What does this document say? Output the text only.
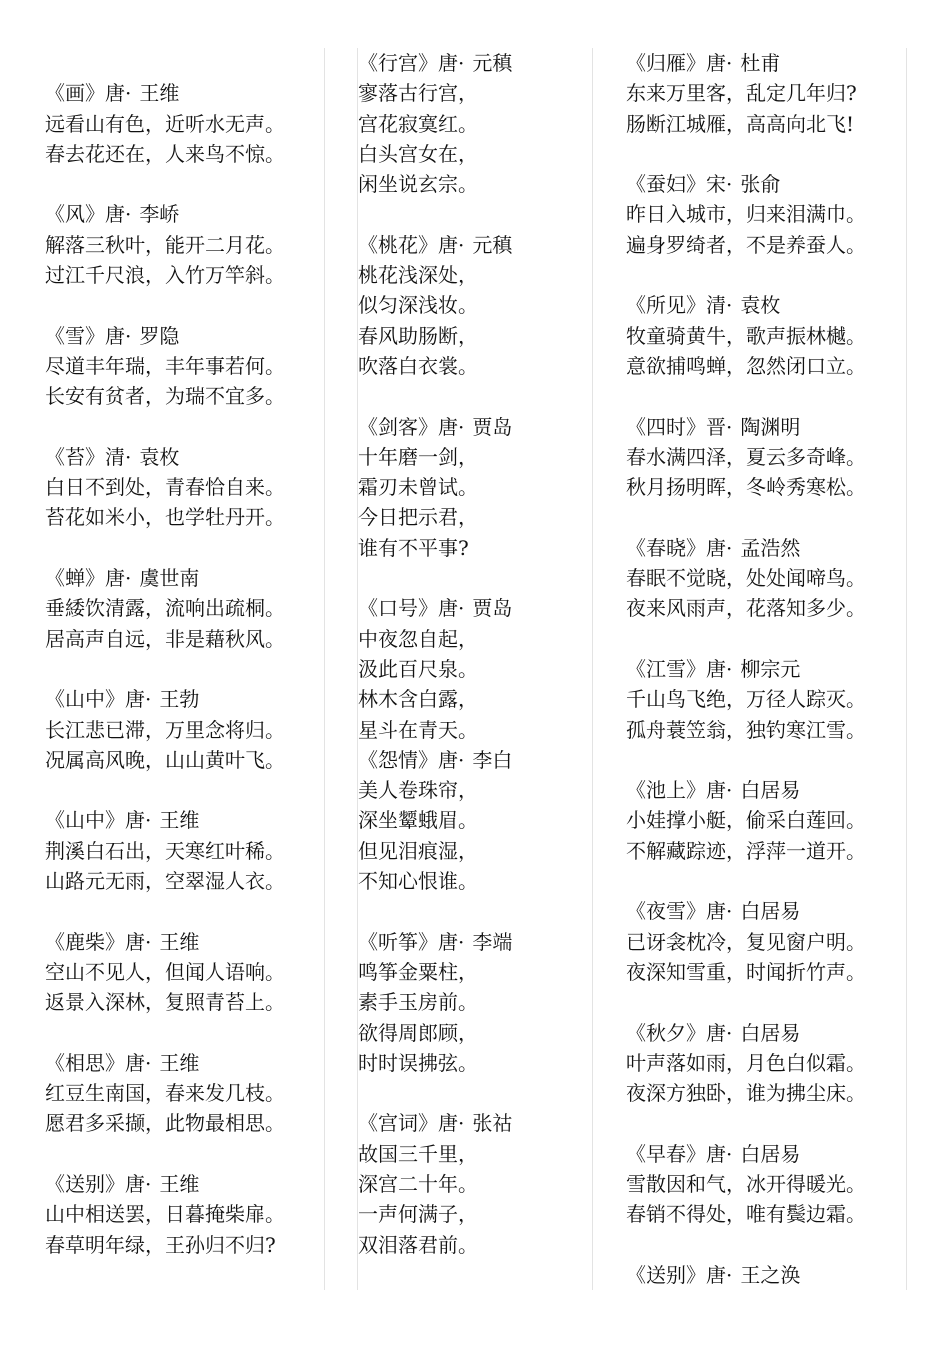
《画》唐· 王维
远看山有色，近听水无声。
春去花还在，人来鸟不惊。
《风》唐· 李峤
解落三秋叶，能开二月花。
过江千尺浪，入竹万竿斜。
《雪》唐· 罗隐
尽道丰年瑞，丰年事若何。
长安有贫者，为瑞不宜多。
《苔》清· 袁枚
白日不到处，青春恰自来。
苔花如米小，也学牡丹开。
《蝉》唐· 虞世南
垂緌饮清露，流响出疏桐。
居高声自远，非是藉秋风。
《山中》唐· 王勃
长江悲已滞，万里念将归。
况属高风晚，山山黄叶飞。
《山中》唐· 王维
荆溪白石出，天寒红叶稀。
山路元无雨，空翠湿人衣。
《鹿柴》唐· 王维
空山不见人，但闻人语响。
返景入深林，复照青苔上。
《相思》唐· 王维
红豆生南国，春来发几枝。
愿君多采撷，此物最相思。
《送别》唐· 王维
山中相送罢，日暮掩柴扉。
春草明年绿，王孙归不归?
《行宫》唐· 元稹
寥落古行宫，
宫花寂寞红。
白头宫女在，
闲坐说玄宗。
《桃花》唐· 元稹
桃花浅深处，
似匀深浅妆。
春风助肠断，
吹落白衣裳。
《剑客》唐· 贾岛
十年磨一剑，
霜刃未曾试。
今日把示君，
谁有不平事?
《口号》唐· 贾岛
中夜忽自起，
汲此百尺泉。
林木含白露，
星斗在青天。
《怨情》唐· 李白
美人卷珠帘，
深坐颦蛾眉。
但见泪痕湿，
不知心恨谁。
《听筝》唐· 李端
鸣筝金粟柱，
素手玉房前。
欲得周郎顾，
时时误拂弦。
《宫词》唐· 张祜
故国三千里，
深宫二十年。
一声何满子，
双泪落君前。
《归雁》唐· 杜甫
东来万里客，乱定几年归?
肠断江城雁，高高向北飞!
《蚕妇》宋· 张俞
昨日入城市，归来泪满巾。
遍身罗绮者，不是养蚕人。
《所见》清· 袁枚
牧童骑黄牛，歌声振林樾。
意欲捕鸣蝉，忽然闭口立。
《四时》晋· 陶渊明
春水满四泽，夏云多奇峰。
秋月扬明晖，冬岭秀寒松。
《春晓》唐· 孟浩然
春眠不觉晓，处处闻啼鸟。
夜来风雨声，花落知多少。
《江雪》唐· 柳宗元
千山鸟飞绝，万径人踪灭。
孤舟蓑笠翁，独钓寒江雪。
《池上》唐· 白居易
小娃撑小艇，偷采白莲回。
不解藏踪迹，浮萍一道开。
《夜雪》唐· 白居易
已讶衾枕冷，复见窗户明。
夜深知雪重，时闻折竹声。
《秋夕》唐· 白居易
叶声落如雨，月色白似霜。
夜深方独卧，谁为拂尘床。
《早春》唐· 白居易
雪散因和气，冰开得暖光。
春销不得处，唯有鬓边霜。
《送别》唐· 王之涣
